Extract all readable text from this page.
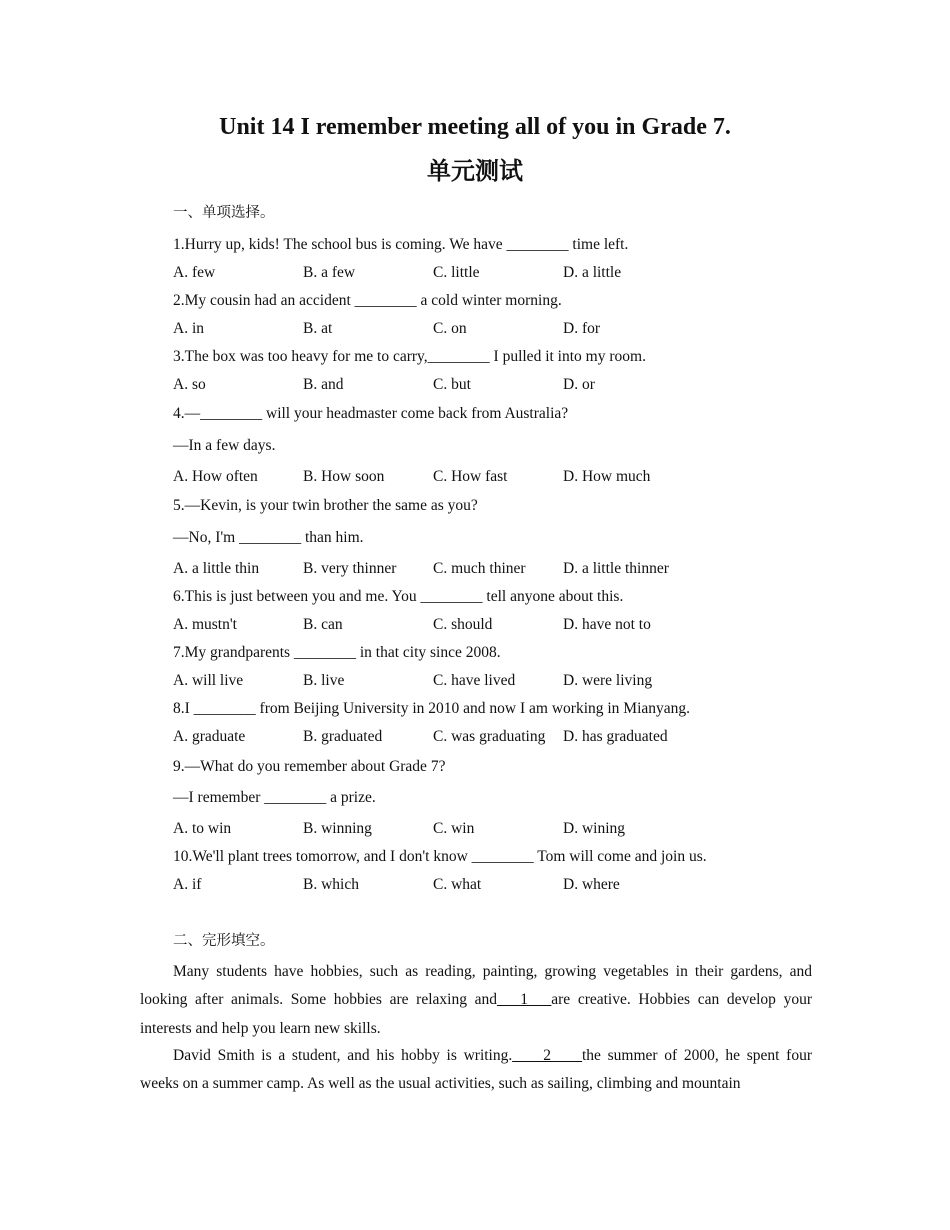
Unit 14 I remember meeting all of you in Grade 7.
单元测试
一、单项选择。
1.Hurry up, kids! The school bus is coming. We have ________ time left.
A. few	B. a few	C. little	D. a little
2.My cousin had an accident ________ a cold winter morning.
A. in	B. at	C. on	D. for
3.The box was too heavy for me to carry,________ I pulled it into my room.
A. so	B. and	C. but	D. or
4.—________ will your headmaster come back from Australia?
—In a few days.
A. How often	B. How soon	C. How fast	D. How much
5.—Kevin, is your twin brother the same as you?
—No, I'm ________ than him.
A. a little thin	B. very thinner C. much thiner D. a little thinner
6.This is just between you and me. You ________ tell anyone about this.
A. mustn't	B. can	C. should	D. have not to
7.My grandparents ________ in that city since 2008.
A. will live	B. live	C. have lived	D. were living
8.I ________ from Beijing University in 2010 and now I am working in Mianyang.
A. graduate	B. graduated	C. was graduating D. has graduated
9.—What do you remember about Grade 7?
—I remember ________ a prize.
A. to win	B. winning	C. win	D. wining
10.We'll plant trees tomorrow, and I don't know ________ Tom will come and join us.
A. if	B. which	C. what	D. where
二、完形填空。

Many students have hobbies, such as reading, painting, growing vegetables in their gardens, and looking after animals. Some hobbies are relaxing and___1___are creative. Hobbies can develop your interests and help you learn new skills.

David Smith is a student, and his hobby is writing.____2____the summer of 2000, he spent four weeks on a summer camp. As well as the usual activities, such as sailing, climbing and mountain
